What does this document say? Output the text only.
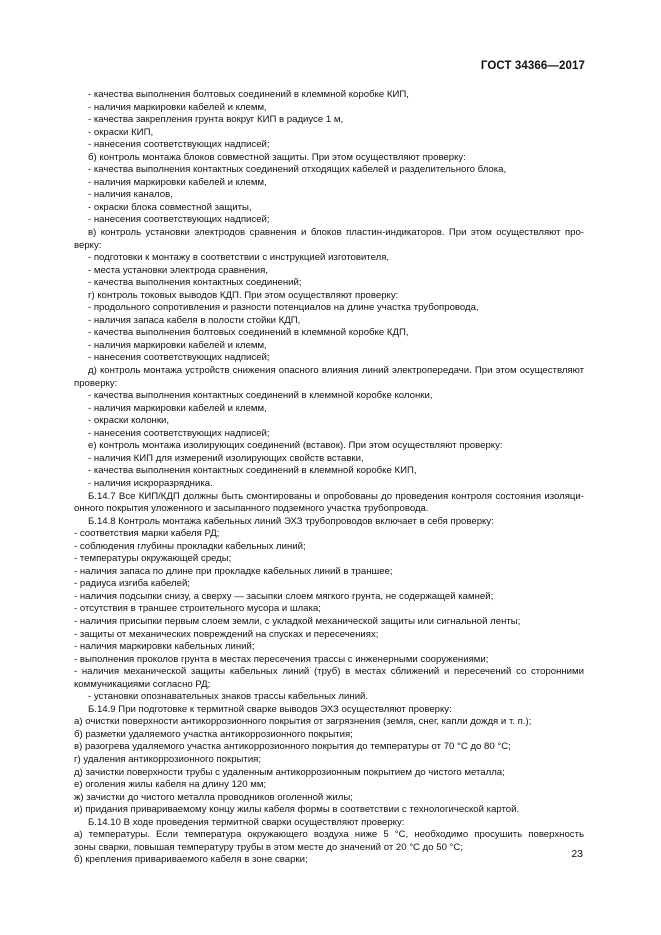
ГОСТ 34366—2017
- качества выполнения болтовых соединений в клеммной коробке КИП,
- наличия маркировки кабелей и клемм,
- качества закрепления грунта вокруг КИП в радиусе 1 м,
- окраски КИП,
- нанесения соответствующих надписей;
б) контроль монтажа блоков совместной защиты. При этом осуществляют проверку:
- качества выполнения контактных соединений отходящих кабелей и разделительного блока,
- наличия маркировки кабелей и клемм,
- наличия каналов,
- окраски блока совместной защиты,
- нанесения соответствующих надписей;
в) контроль установки электродов сравнения и блоков пластин-индикаторов. При этом осуществляют про-
верку:
- подготовки к монтажу в соответствии с инструкцией изготовителя,
- места установки электрода сравнения,
- качества выполнения контактных соединений;
г) контроль токовых выводов КДП. При этом осуществляют проверку:
- продольного сопротивления и разности потенциалов на длине участка трубопровода,
- наличия запаса кабеля в полости стойки КДП,
- качества выполнения болтовых соединений в клеммной коробке КДП,
- наличия маркировки кабелей и клемм,
- нанесения соответствующих надписей;
д) контроль монтажа устройств снижения опасного влияния линий электропередачи. При этом осуществляют
проверку:
- качества выполнения контактных соединений в клеммной коробке колонки,
- наличия маркировки кабелей и клемм,
- окраски колонки,
- нанесения соответствующих надписей;
е) контроль монтажа изолирующих соединений (вставок). При этом осуществляют проверку:
- наличия КИП для измерений изолирующих свойств вставки,
- качества выполнения контактных соединений в клеммной коробке КИП,
- наличия искроразрядника.
Б.14.7 Все КИП/КДП должны быть смонтированы и опробованы до проведения контроля состояния изоляци-
онного покрытия уложенного и засыпанного подземного участка трубопровода.
Б.14.8 Контроль монтажа кабельных линий ЭХЗ трубопроводов включает в себя проверку:
- соответствия марки кабеля РД;
- соблюдения глубины прокладки кабельных линий;
- температуры окружающей среды;
- наличия запаса по длине при прокладке кабельных линий в траншее;
- радиуса изгиба кабелей;
- наличия подсыпки снизу, а сверху — засыпки слоем мягкого грунта, не содержащей камней;
- отсутствия в траншее строительного мусора и шлака;
- наличия присыпки первым слоем земли, с укладкой механической защиты или сигнальной ленты;
- защиты от механических повреждений на спусках и пересечениях;
- наличия маркировки кабельных линий;
- выполнения проколов грунта в местах пересечения трассы с инженерными сооружениями;
- наличия механической защиты кабельных линий (труб) в местах сближений и пересечений со сторонними
коммуникациями согласно РД;
- установки опознавательных знаков трассы кабельных линий.
Б.14.9 При подготовке к термитной сварке выводов ЭХЗ осуществляют проверку:
а) очистки поверхности антикоррозионного покрытия от загрязнения (земля, снег, капли дождя и т. п.);
б) разметки удаляемого участка антикоррозионного покрытия;
в) разогрева удаляемого участка антикоррозионного покрытия до температуры от 70 °C до 80 °C;
г) удаления антикоррозионного покрытия;
д) зачистки поверхности трубы с удаленным антикоррозионным покрытием до чистого металла;
е) оголения жилы кабеля на длину 120 мм;
ж) зачистки до чистого металла проводников оголенной жилы;
и) придания привариваемому концу жилы кабеля формы в соответствии с технологической картой.
Б.14.10 В ходе проведения термитной сварки осуществляют проверку:
а) температуры. Если температура окружающего воздуха ниже 5 °C, необходимо просушить поверхность
зоны сварки, повышая температуру трубы в этом месте до значений от 20 °C до 50 °C;
б) крепления привариваемого кабеля в зоне сварки;	23
